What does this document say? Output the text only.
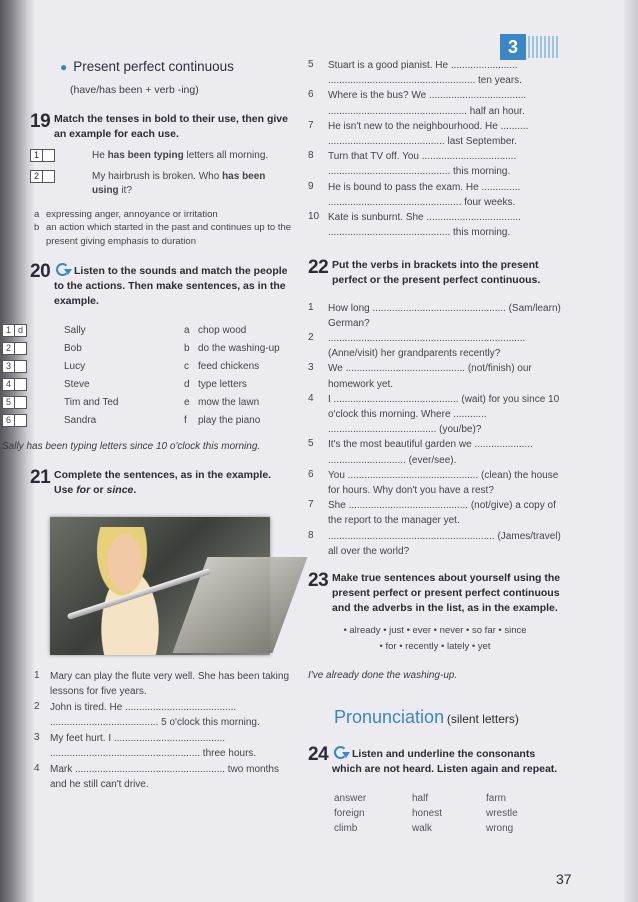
3
● Present perfect continuous
(have/has been + verb -ing)
19 Match the tenses in bold to their use, then give an example for each use.
1	He has been typing letters all morning.
2	My hairbrush is broken. Who has been using it?
a expressing anger, annoyance or irritation
b an action which started in the past and continues up to the present giving emphasis to duration
20	Listen to the sounds and match the people to the actions. Then make sentences, as in the example.
1 d	Sally	a chop wood
2	Bob	b do the washing-up
3	Lucy	c feed chickens
4	Steve	d type letters
5	Tim and Ted	e mow the lawn
6	Sandra	f	play the piano
Sally has been typing letters since 10 o'clock this morning.
21 Complete the sentences, as in the example. Use for or since.
1	Mary can play the flute very well. She has been taking lessons for five years.
2	John is tired. He ........................................ ....................................... 5 o'clock this morning.
3	My feet hurt. I ........................................ ...................................................... three hours.
4	Mark ...................................................... two months and he still can't drive.
5	Stuart is a good pianist. He ........................ ..................................................... ten years.
6	Where is the bus? We ................................... .................................................. half an hour.
7	He isn't new to the neighbourhood. He .......... .......................................... last September.
8	Turn that TV off. You .................................. ............................................ this morning.
9	He is bound to pass the exam. He .............. ................................................ four weeks.
10 Kate is sunburnt. She .................................. ............................................ this morning.
22 Put the verbs in brackets into the present perfect or the present perfect continuous.
1	How long ................................................ (Sam/learn) German?
2	....................................................................... (Anne/visit) her grandparents recently?
3	We ........................................... (not/finish) our homework yet.
4	I ............................................. (wait) for you since 10 o'clock this morning. Where ............ ....................................... (you/be)?
5	It's the most beautiful garden we ..................... ............................ (ever/see).
6	You ............................................... (clean) the house for hours. Why don't you have a rest?
7	She ........................................... (not/give) a copy of the report to the manager yet.
8	............................................................ (James/travel) all over the world?
23 Make true sentences about yourself using the present perfect or present perfect continuous and the adverbs in the list, as in the example.
• already • just • ever • never • so far • since
• for • recently • lately • yet
I've already done the washing-up.
Pronunciation (silent letters)
24	Listen and underline the consonants which are not heard. Listen again and repeat.
answer	half	farm
foreign	honest	wrestle
climb	walk	wrong
37
